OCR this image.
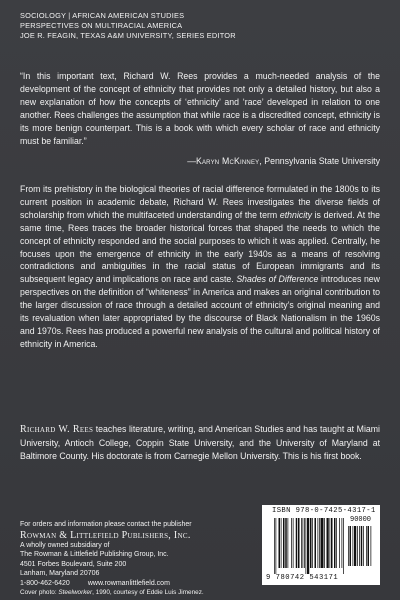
SOCIOLOGY | AFRICAN AMERICAN STUDIES
PERSPECTIVES ON MULTIRACIAL AMERICA
JOE R. FEAGIN, TEXAS A&M UNIVERSITY, SERIES EDITOR
“In this important text, Richard W. Rees provides a much-needed analysis of the development of the concept of ethnicity that provides not only a detailed history, but also a new explanation of how the concepts of ‘ethnicity’ and ‘race’ developed in relation to one another. Rees challenges the assumption that while race is a discredited concept, ethnicity is its more benign counterpart. This is a book with which every scholar of race and ethnicity must be familiar.”
—Karyn McKinney, Pennsylvania State University

From its prehistory in the biological theories of racial difference formulated in the 1800s to its current position in academic debate, Richard W. Rees investigates the diverse fields of scholarship from which the multifaceted understanding of the term ethnicity is derived. At the same time, Rees traces the broader historical forces that shaped the needs to which the concept of ethnicity responded and the social purposes to which it was applied. Centrally, he focuses upon the emergence of ethnicity in the early 1940s as a means of resolving contradictions and ambiguities in the racial status of European immigrants and its subsequent legacy and implications on race and caste. Shades of Difference introduces new perspectives on the definition of “whiteness” in America and makes an original contribution to the larger discussion of race through a detailed account of ethnicity’s original meaning and its revaluation when later appropriated by the discourse of Black Nationalism in the 1960s and 1970s. Rees has produced a powerful new analysis of the cultural and political history of ethnicity in America.

Richard W. Rees teaches literature, writing, and American Studies and has taught at Miami University, Antioch College, Coppin State University, and the University of Maryland at Baltimore County. His doctorate is from Carnegie Mellon University. This is his first book.
For orders and information please contact the publisher
Rowman & Littlefield Publishers, Inc.
A wholly owned subsidiary of
The Rowman & Littlefield Publishing Group, Inc.
4501 Forbes Boulevard, Suite 200
Lanham, Maryland 20706
1-800-462-6420	www.rowmanlittlefield.com
Cover photo: Steelworker, 1990, courtesy of Eddie Luis Jimenez.
ISBN 978-0-7425-4317-1
90000
9 780742 543171
